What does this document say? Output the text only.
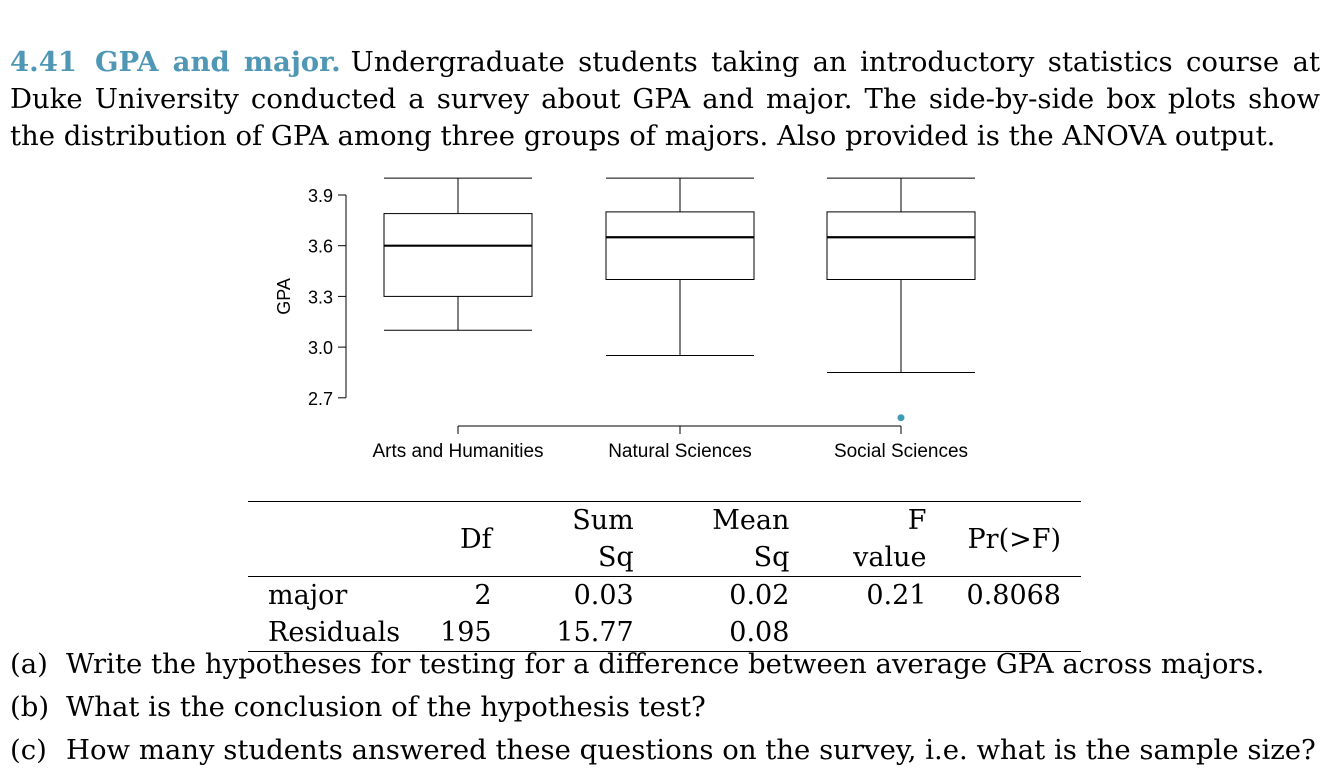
4.41 GPA and major. Undergraduate students taking an introductory statistics course at Duke University conducted a survey about GPA and major. The side-by-side box plots show the distribution of GPA among three groups of majors. Also provided is the ANOVA output.

2.7
3.0
3.3
3.6
3.9
GPA
Arts and Humanities	Natural Sciences	Social Sciences
	Df	Sum Sq	Mean Sq	F value	Pr(>F)
major	2	0.03	0.02	0.21	0.8068
Residuals	195	15.77	0.08		
(a) Write the hypotheses for testing for a difference between average GPA across majors.
(b) What is the conclusion of the hypothesis test?
(c) How many students answered these questions on the survey, i.e. what is the sample size?
